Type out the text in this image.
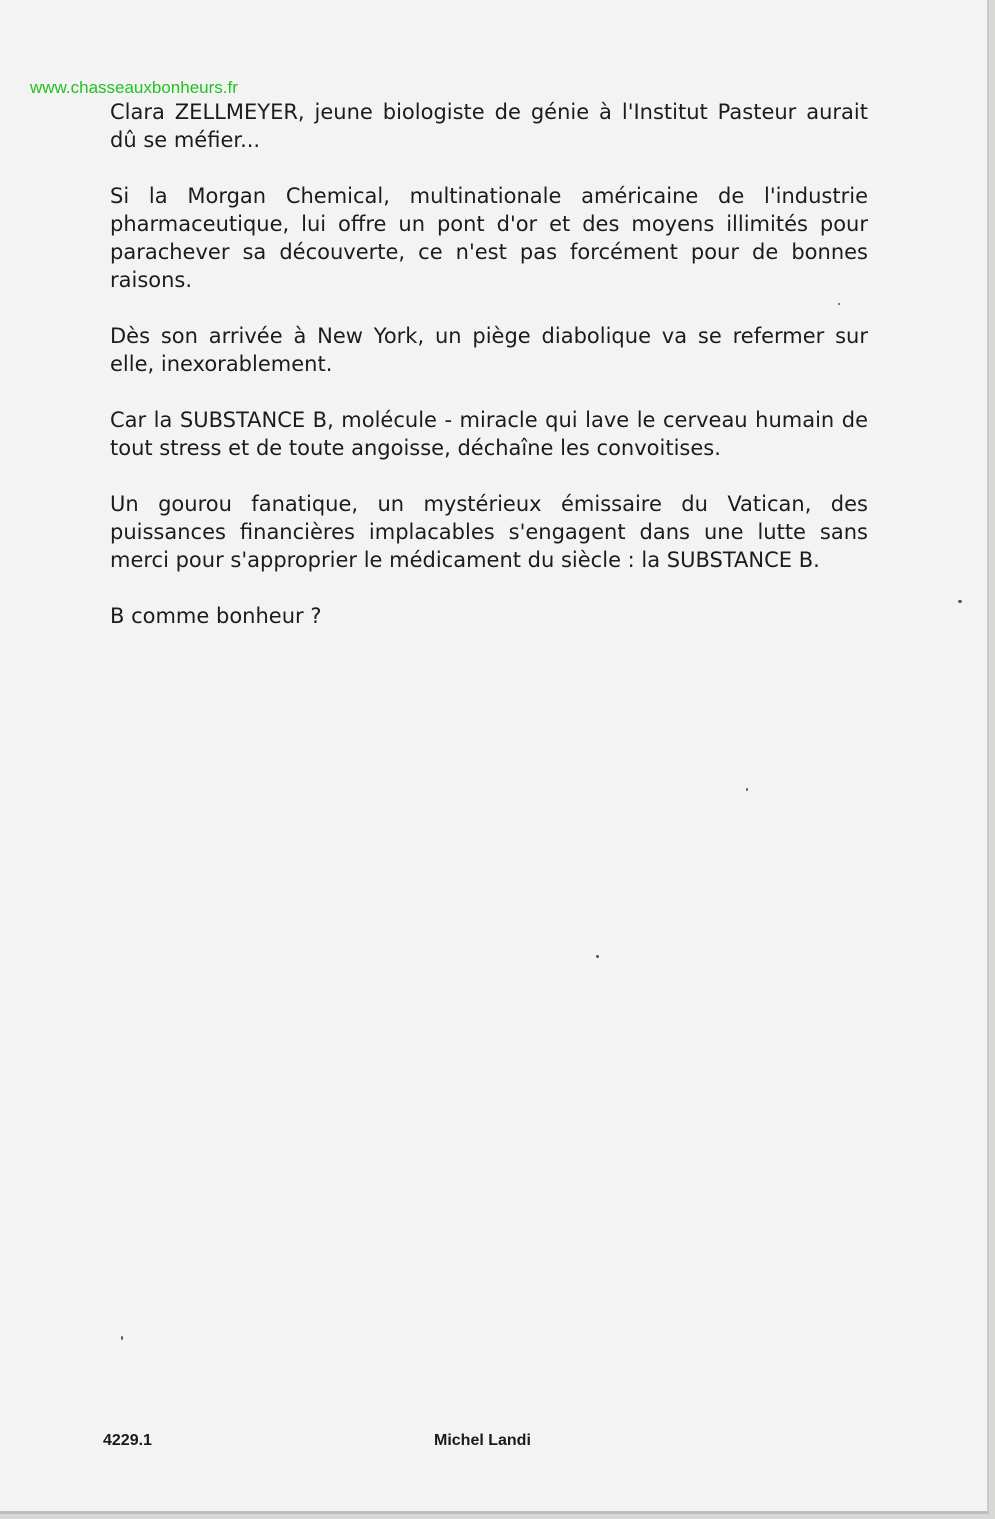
www.chasseauxbonheurs.fr

Clara ZELLMEYER, jeune biologiste de génie à l'Institut Pasteur aurait dû se méfier...

Si la Morgan Chemical, multinationale américaine de l'industrie pharmaceutique, lui offre un pont d'or et des moyens illimités pour parachever sa découverte, ce n'est pas forcément pour de bonnes raisons.

Dès son arrivée à New York, un piège diabolique va se refermer sur elle, inexorablement.

Car la SUBSTANCE B, molécule - miracle qui lave le cerveau humain de tout stress et de toute angoisse, déchaîne les convoitises.

Un gourou fanatique, un mystérieux émissaire du Vatican, des puissances financières implacables s'engagent dans une lutte sans merci pour s'approprier le médicament du siècle : la SUBSTANCE B.

B comme bonheur ?

4229.1	Michel Landi
